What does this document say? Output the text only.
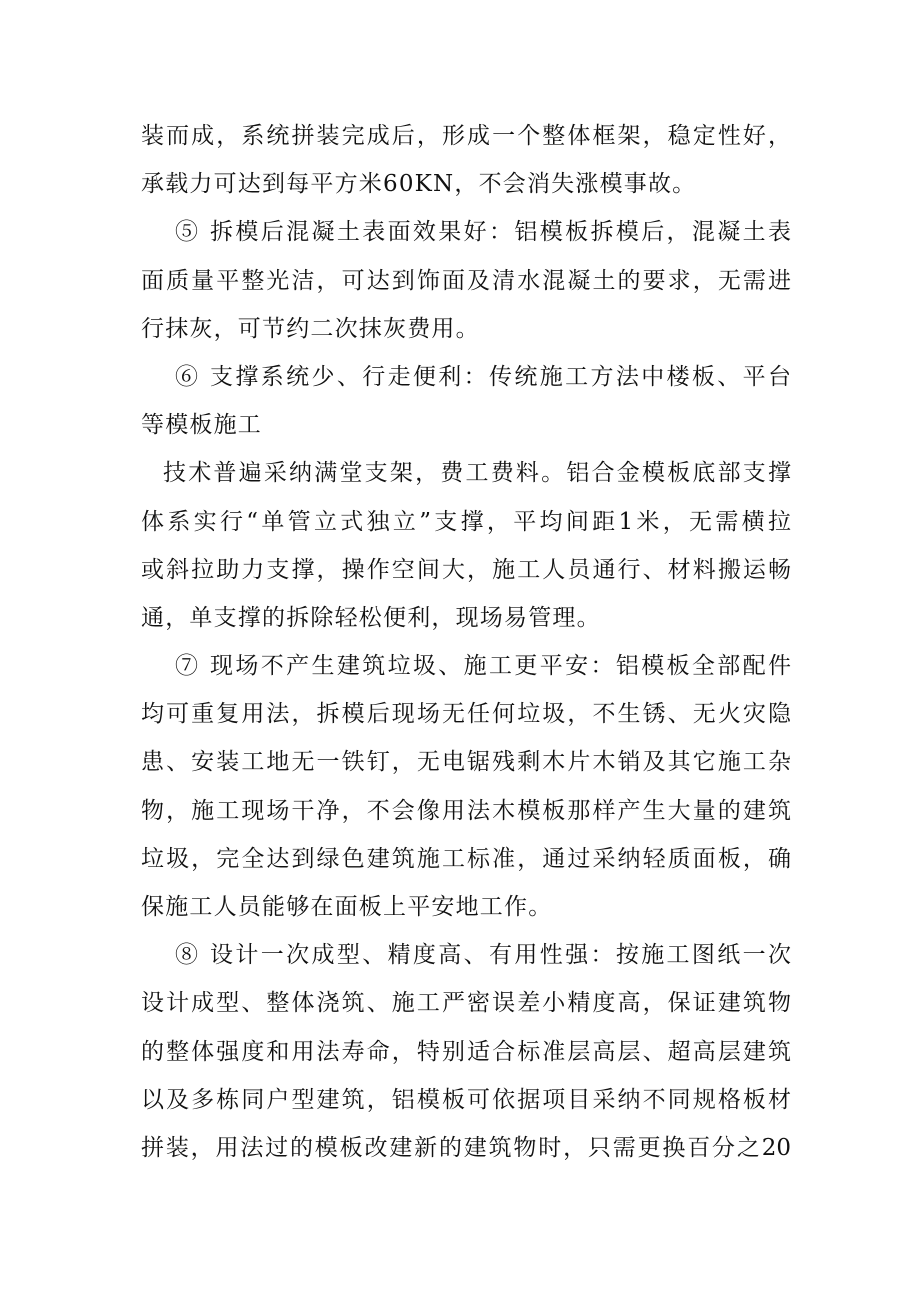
装而成，系统拼装完成后，形成一个整体框架，稳定性好，
承载力可达到每平方米60KN，不会消失涨模事故。
⑤ 拆模后混凝土表面效果好：铝模板拆模后，混凝土表
面质量平整光洁，可达到饰面及清水混凝土的要求，无需进
行抹灰，可节约二次抹灰费用。
⑥ 支撑系统少、行走便利：传统施工方法中楼板、平台
等模板施工
技术普遍采纳满堂支架，费工费料。铝合金模板底部支撑
体系实行“单管立式独立”支撑，平均间距1米，无需横拉
或斜拉助力支撑，操作空间大，施工人员通行、材料搬运畅
通，单支撑的拆除轻松便利，现场易管理。
⑦ 现场不产生建筑垃圾、施工更平安：铝模板全部配件
均可重复用法，拆模后现场无任何垃圾，不生锈、无火灾隐
患、安装工地无一铁钉，无电锯残剩木片木销及其它施工杂
物，施工现场干净，不会像用法木模板那样产生大量的建筑
垃圾，完全达到绿色建筑施工标准，通过采纳轻质面板，确
保施工人员能够在面板上平安地工作。
⑧ 设计一次成型、精度高、有用性强：按施工图纸一次
设计成型、整体浇筑、施工严密误差小精度高，保证建筑物
的整体强度和用法寿命，特别适合标准层高层、超高层建筑
以及多栋同户型建筑，铝模板可依据项目采纳不同规格板材
拼装，用法过的模板改建新的建筑物时，只需更换百分之20
